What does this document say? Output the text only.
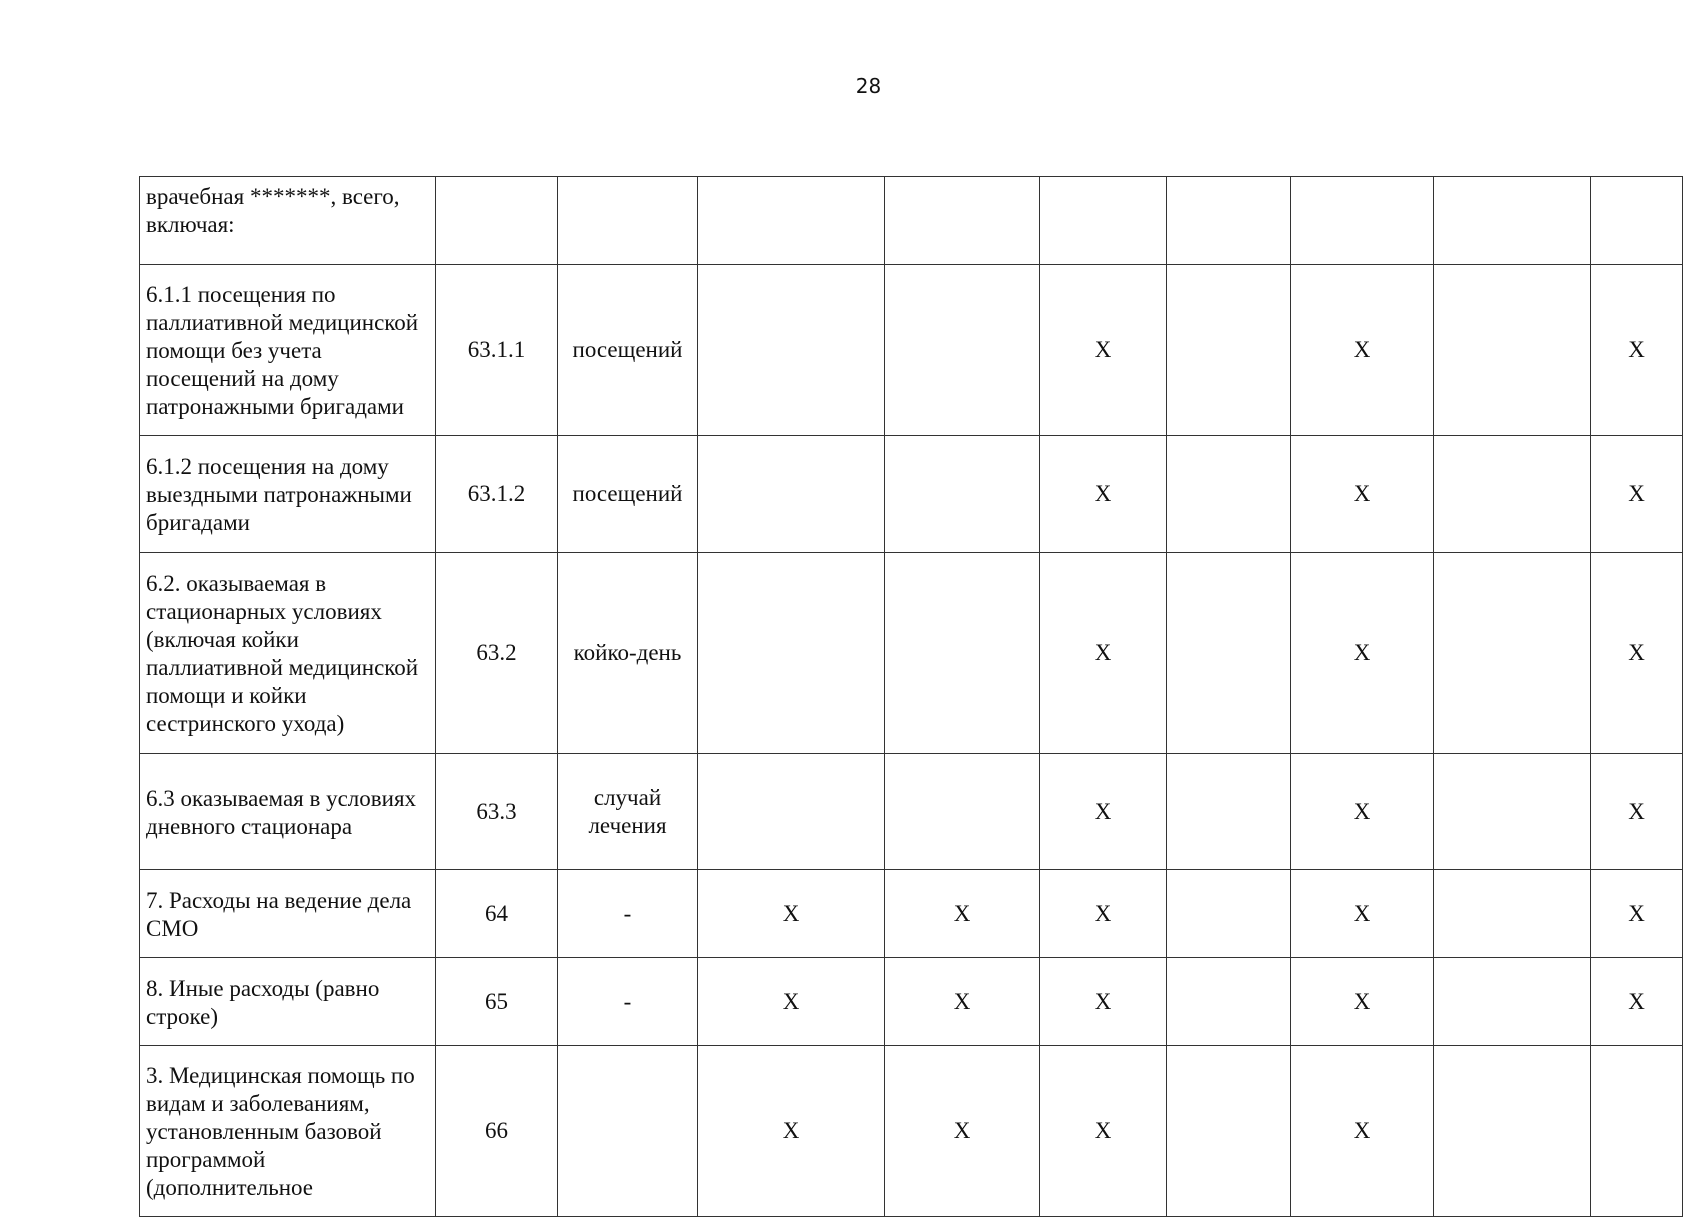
28
врачебная *******, всего, включая:									
6.1.1 посещения по паллиативной медицинской помощи без учета посещений на дому патронажными бригадами	63.1.1	посещений			X		X		X
6.1.2 посещения на дому выездными патронажными бригадами	63.1.2	посещений			X		X		X
6.2. оказываемая в стационарных условиях (включая койки паллиативной медицинской помощи и койки сестринского ухода)	63.2	койко-день			X		X		X
6.3 оказываемая в условиях дневного стационара	63.3	случай лечения			X		X		X
7. Расходы на ведение дела СМО	64	-	X	X	X		X		X
8. Иные расходы (равно строке)	65	-	X	X	X		X		X
3. Медицинская помощь по видам и заболеваниям, установленным базовой программой (дополнительное	66		X	X	X		X		
